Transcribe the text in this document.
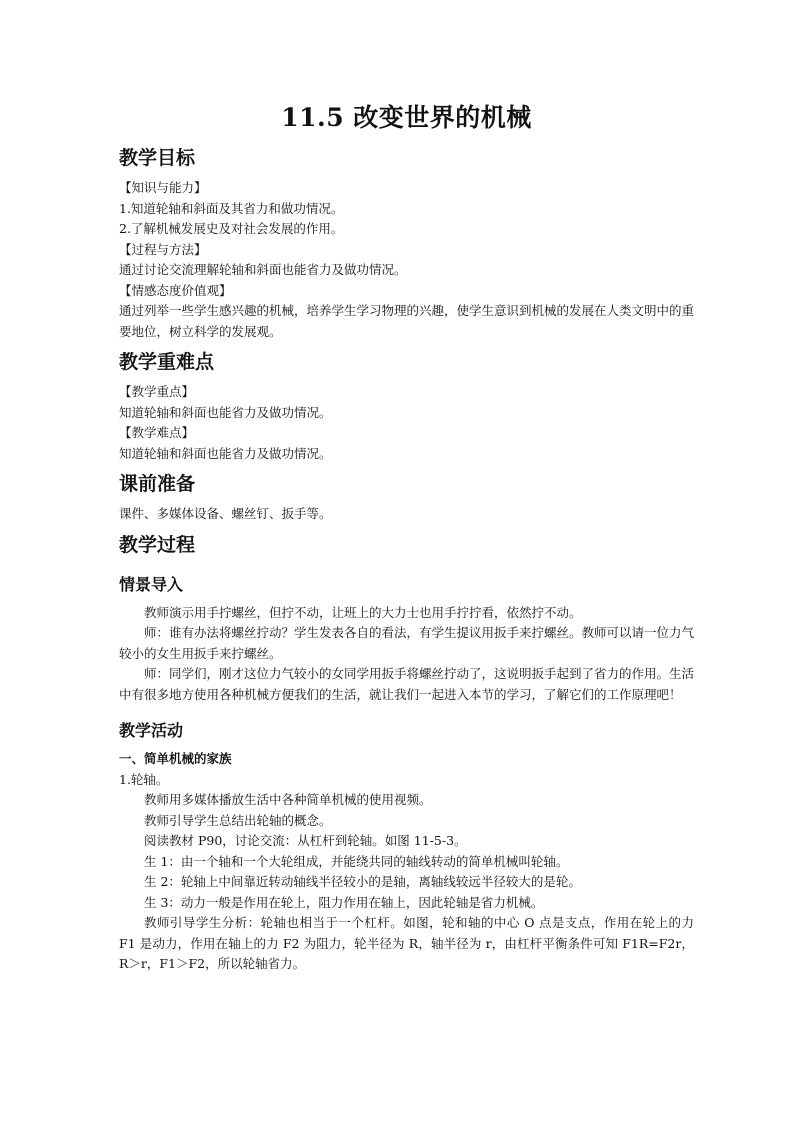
11.5 改变世界的机械
教学目标

【知识与能力】

1.知道轮轴和斜面及其省力和做功情况。

2.了解机械发展史及对社会发展的作用。

【过程与方法】

通过讨论交流理解轮轴和斜面也能省力及做功情况。

【情感态度价值观】

通过列举一些学生感兴趣的机械，培养学生学习物理的兴趣，使学生意识到机械的发展在人类文明中的重要地位，树立科学的发展观。

教学重难点

【教学重点】

知道轮轴和斜面也能省力及做功情况。

【教学难点】

知道轮轴和斜面也能省力及做功情况。

课前准备

课件、多媒体设备、螺丝钉、扳手等。

教学过程
情景导入

教师演示用手拧螺丝，但拧不动，让班上的大力士也用手拧拧看，依然拧不动。

师：谁有办法将螺丝拧动？学生发表各自的看法，有学生提议用扳手来拧螺丝。教师可以请一位力气较小的女生用扳手来拧螺丝。

师：同学们，刚才这位力气较小的女同学用扳手将螺丝拧动了，这说明扳手起到了省力的作用。生活中有很多地方使用各种机械方便我们的生活，就让我们一起进入本节的学习，了解它们的工作原理吧！

教学活动

一、简单机械的家族

1.轮轴。

教师用多媒体播放生活中各种简单机械的使用视频。

教师引导学生总结出轮轴的概念。

阅读教材 P90，讨论交流：从杠杆到轮轴。如图 11-5-3。

生 1：由一个轴和一个大轮组成，并能绕共同的轴线转动的简单机械叫轮轴。

生 2：轮轴上中间靠近转动轴线半径较小的是轴，离轴线较远半径较大的是轮。

生 3：动力一般是作用在轮上，阻力作用在轴上，因此轮轴是省力机械。

教师引导学生分析：轮轴也相当于一个杠杆。如图，轮和轴的中心 O 点是支点，作用在轮上的力 F1 是动力，作用在轴上的力 F2 为阻力，轮半径为 R，轴半径为 r，由杠杆平衡条件可知 F1R=F2r，R＞r，F1＞F2，所以轮轴省力。
